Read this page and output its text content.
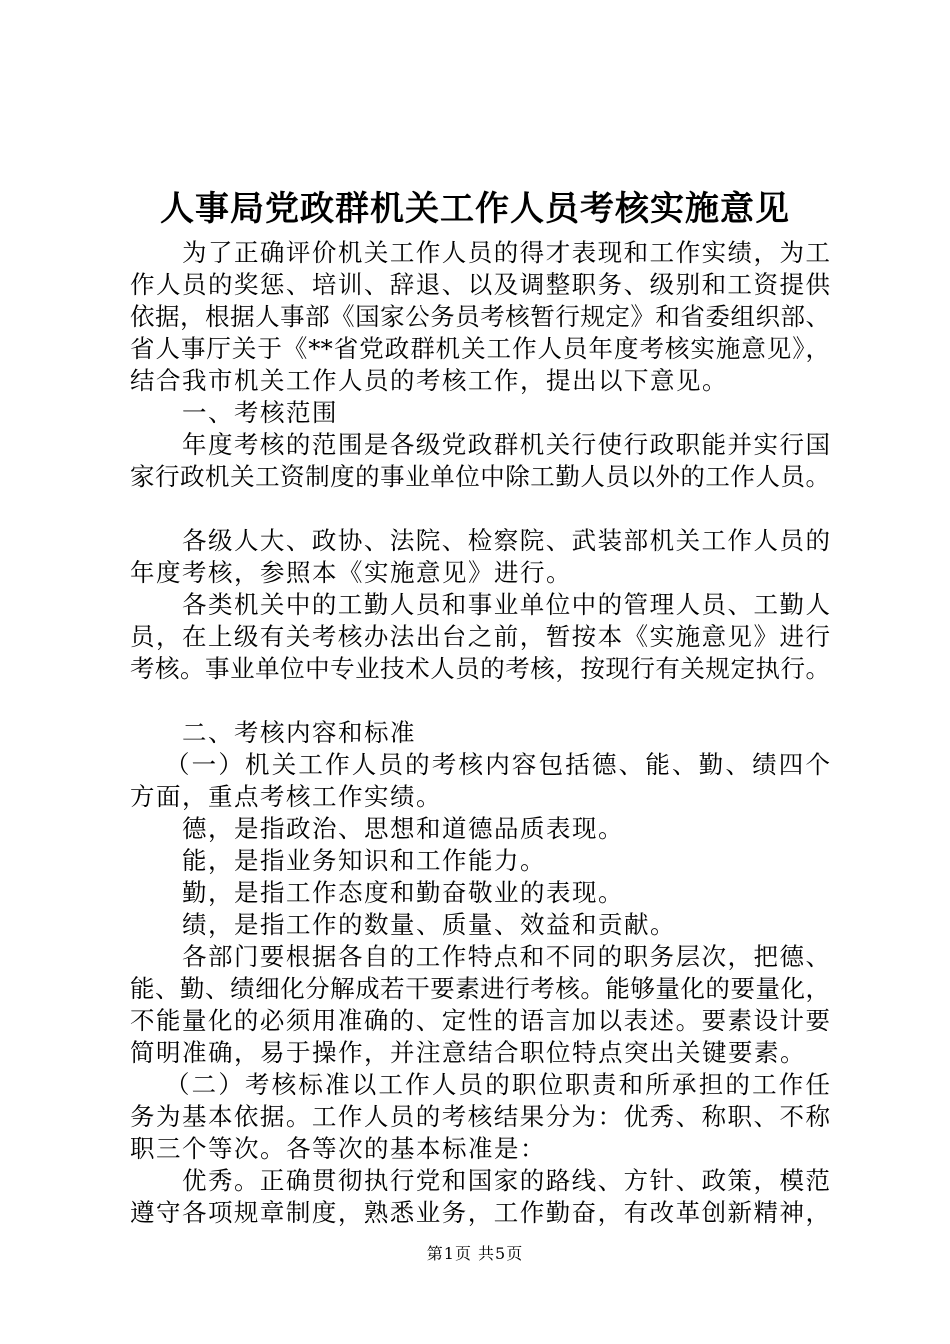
人事局党政群机关工作人员考核实施意见
为了正确评价机关工作人员的得才表现和工作实绩，为工
作人员的奖惩、培训、辞退、以及调整职务、级别和工资提供
依据，根据人事部《国家公务员考核暂行规定》和省委组织部、
省人事厅关于《**省党政群机关工作人员年度考核实施意见》，
结合我市机关工作人员的考核工作，提出以下意见。
一、考核范围
年度考核的范围是各级党政群机关行使行政职能并实行国
家行政机关工资制度的事业单位中除工勤人员以外的工作人员。
各级人大、政协、法院、检察院、武装部机关工作人员的
年度考核，参照本《实施意见》进行。
各类机关中的工勤人员和事业单位中的管理人员、工勤人
员，在上级有关考核办法出台之前，暂按本《实施意见》进行
考核。事业单位中专业技术人员的考核，按现行有关规定执行。
二、考核内容和标准
（一）机关工作人员的考核内容包括德、能、勤、绩四个
方面，重点考核工作实绩。
德，是指政治、思想和道德品质表现。
能，是指业务知识和工作能力。
勤，是指工作态度和勤奋敬业的表现。
绩，是指工作的数量、质量、效益和贡献。
各部门要根据各自的工作特点和不同的职务层次，把德、
能、勤、绩细化分解成若干要素进行考核。能够量化的要量化，
不能量化的必须用准确的、定性的语言加以表述。要素设计要
简明准确，易于操作，并注意结合职位特点突出关键要素。
（二）考核标准以工作人员的职位职责和所承担的工作任
务为基本依据。工作人员的考核结果分为：优秀、称职、不称
职三个等次。各等次的基本标准是：
优秀。正确贯彻执行党和国家的路线、方针、政策，模范
遵守各项规章制度，熟悉业务，工作勤奋，有改革创新精神，
第1页 共5页
